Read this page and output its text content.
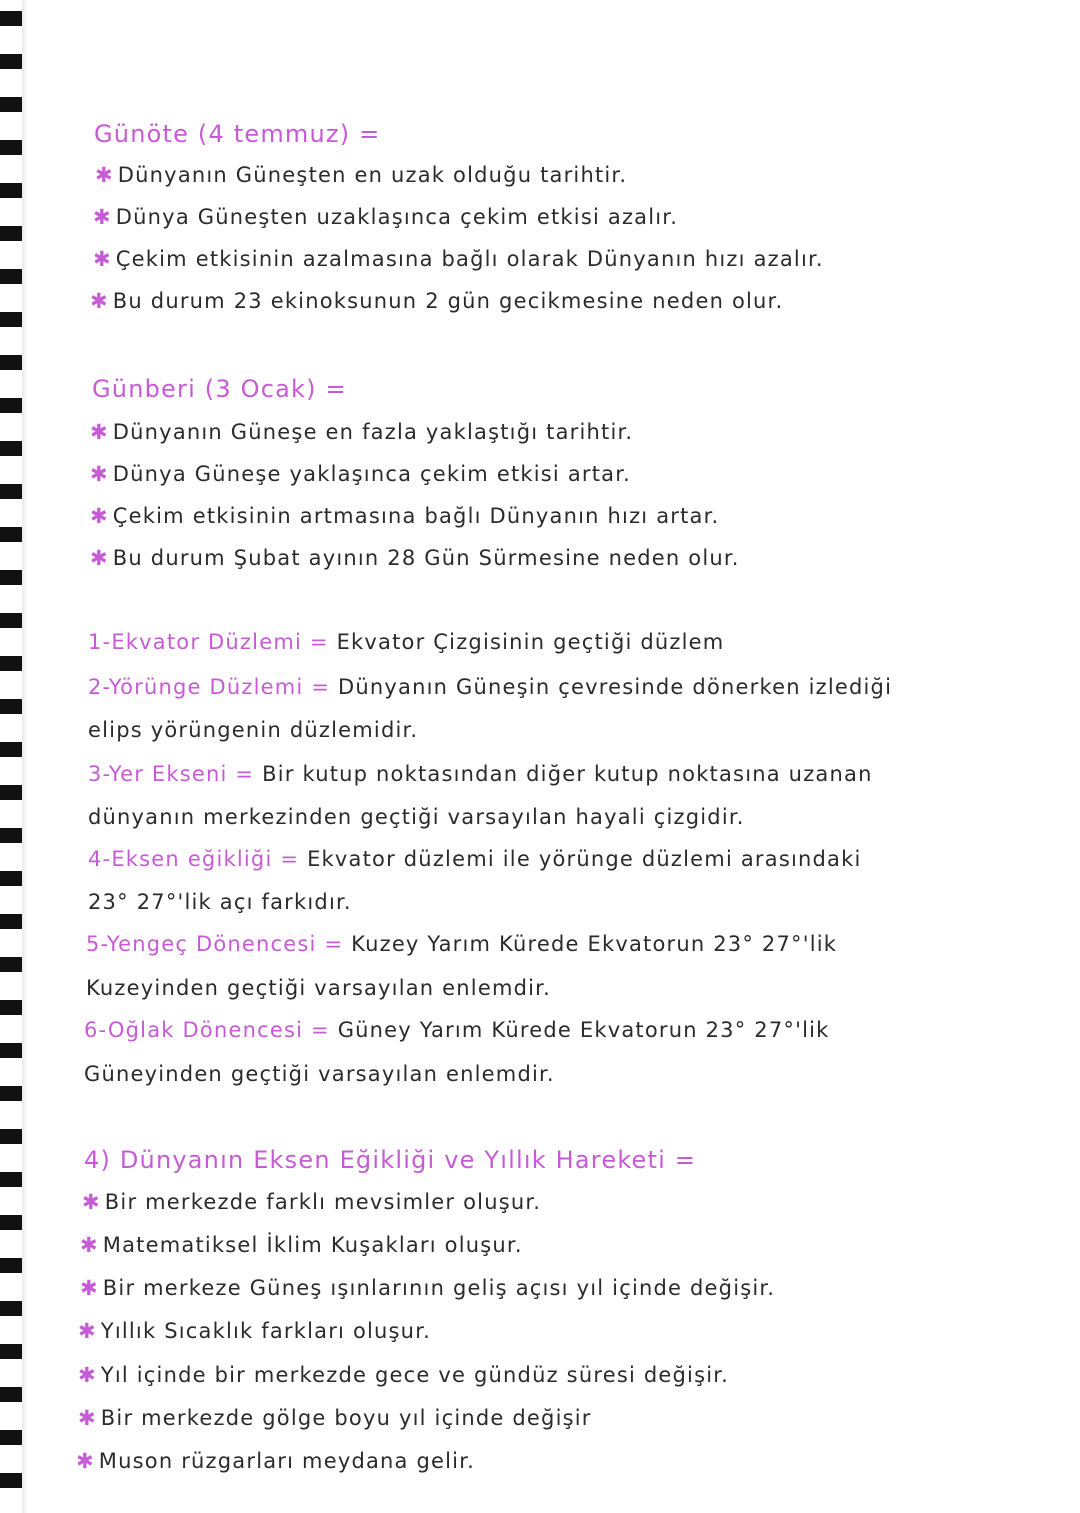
Günöte (4 temmuz) =
✱ Dünyanın Güneşten en uzak olduğu tarihtir.
✱ Dünya Güneşten uzaklaşınca çekim etkisi azalır.
✱ Çekim etkisinin azalmasına bağlı olarak Dünyanın hızı azalır.
✱ Bu durum 23 ekinoksunun 2 gün gecikmesine neden olur.
Günberi (3 Ocak) =
✱ Dünyanın Güneşe en fazla yaklaştığı tarihtir.
✱ Dünya Güneşe yaklaşınca çekim etkisi artar.
✱ Çekim etkisinin artmasına bağlı Dünyanın hızı artar.
✱ Bu durum Şubat ayının 28 Gün Sürmesine neden olur.
1-Ekvator Düzlemi = Ekvator Çizgisinin geçtiği düzlem
2-Yörünge Düzlemi = Dünyanın Güneşin çevresinde dönerken izlediği
elips yörüngenin düzlemidir.
3-Yer Ekseni = Bir kutup noktasından diğer kutup noktasına uzanan
dünyanın merkezinden geçtiği varsayılan hayali çizgidir.
4-Eksen eğikliği = Ekvator düzlemi ile yörünge düzlemi arasındaki
23° 27°'lik açı farkıdır.
5-Yengeç Dönencesi = Kuzey Yarım Kürede Ekvatorun 23° 27°'lik
Kuzeyinden geçtiği varsayılan enlemdir.
6-Oğlak Dönencesi = Güney Yarım Kürede Ekvatorun 23° 27°'lik
Güneyinden geçtiği varsayılan enlemdir.
4) Dünyanın Eksen Eğikliği ve Yıllık Hareketi =
✱ Bir merkezde farklı mevsimler oluşur.
✱ Matematiksel İklim Kuşakları oluşur.
✱ Bir merkeze Güneş ışınlarının geliş açısı yıl içinde değişir.
✱ Yıllık Sıcaklık farkları oluşur.
✱ Yıl içinde bir merkezde gece ve gündüz süresi değişir.
✱ Bir merkezde gölge boyu yıl içinde değişir
✱ Muson rüzgarları meydana gelir.
